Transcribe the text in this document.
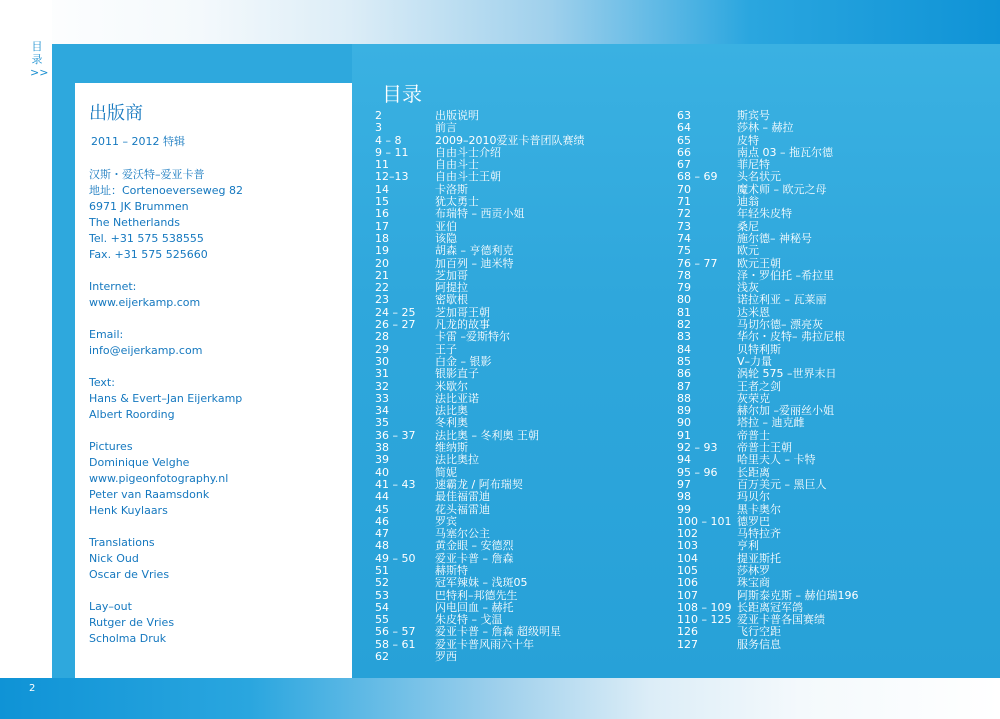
目
录
>>
2
出版商
2011 – 2012 特辑
汉斯・爱沃特–爱亚卡普
地址：Cortenoeverseweg 82
6971 JK Brummen
The Netherlands
Tel. +31 575 538555
Fax. +31 575 525660
Internet:
www.eijerkamp.com
Email:
info@eijerkamp.com
Text:
Hans & Evert–Jan Eijerkamp
Albert Roording
Pictures
Dominique Velghe
www.pigeonfotography.nl
Peter van Raamsdonk
Henk Kuylaars
Translations
Nick Oud
Oscar de Vries
Lay–out
Rutger de Vries
Scholma Druk
目录
2	出版说明
3	前言
4 – 8	2009–2010爱亚卡普团队赛绩
9 – 11	自由斗士介绍
11	自由斗士
12–13	自由斗士王朝
14	卡洛斯
15	犹太勇士
16	布瑞特 – 西贡小姐
17	亚伯
18	该隐
19	胡森 – 亨德利克
20	加百列 – 迪米特
21	芝加哥
22	阿提拉
23	密歇根
24 – 25	芝加哥王朝
26 – 27	凡龙的故事
28	卡雷 –爱斯特尔
29	王子
30	白金 – 银影
31	银影直子
32	米歇尔
33	法比亚诺
34	法比奥
35	冬利奥
36 – 37	法比奥 – 冬利奥 王朝
38	维纳斯
39	法比奥拉
40	简妮
41 – 43	速霸龙 / 阿布瑞契
44	最佳福雷迪
45	花头福雷迪
46	罗宾
47	马塞尔公主
48	黄金眼 – 安德烈
49 – 50	爱亚卡普 – 詹森
51	赫斯特
52	冠军辣妹 – 浅斑05
53	巴特利–邦德先生
54	闪电回血 – 赫托
55	朱皮特 – 戈温
56 – 57	爱亚卡普 – 詹森 超级明星
58 – 61	爱亚卡普风雨六十年
62	罗西
63	斯宾号
64	莎林 – 赫拉
65	皮特
66	南点 03 – 拖瓦尔德
67	菲尼特
68 – 69	头名状元
70	魔术师 – 欧元之母
71	迪翁
72	年轻朱皮特
73	桑尼
74	施尔德– 神秘号
75	欧元
76 – 77	欧元王朝
78	泽・罗伯托 –希拉里
79	浅灰
80	诺拉利亚 – 瓦莱丽
81	达米恩
82	马切尔德– 漂亮灰
83	华尔・皮特– 弗拉尼根
84	贝特利斯
85	V–力量
86	涡轮 575 –世界末日
87	王者之剑
88	灰荣克
89	赫尔加 –爱丽丝小姐
90	塔拉 – 迪克雌
91	帝普士
92 – 93	帝普士王朝
94	哈里夫人 – 卡特
95 – 96	长距离
97	百万美元 – 黑巨人
98	玛贝尔
99	黑卡奥尔
100 – 101 德罗巴
102	马特拉齐
103	亨利
104	提亚斯托
105	莎林罗
106	珠宝商
107	阿斯泰克斯 – 赫伯瑞196
108 – 109 长距离冠军鸽
110 – 125 爱亚卡普各国赛绩
126	飞行空距
127	服务信息
